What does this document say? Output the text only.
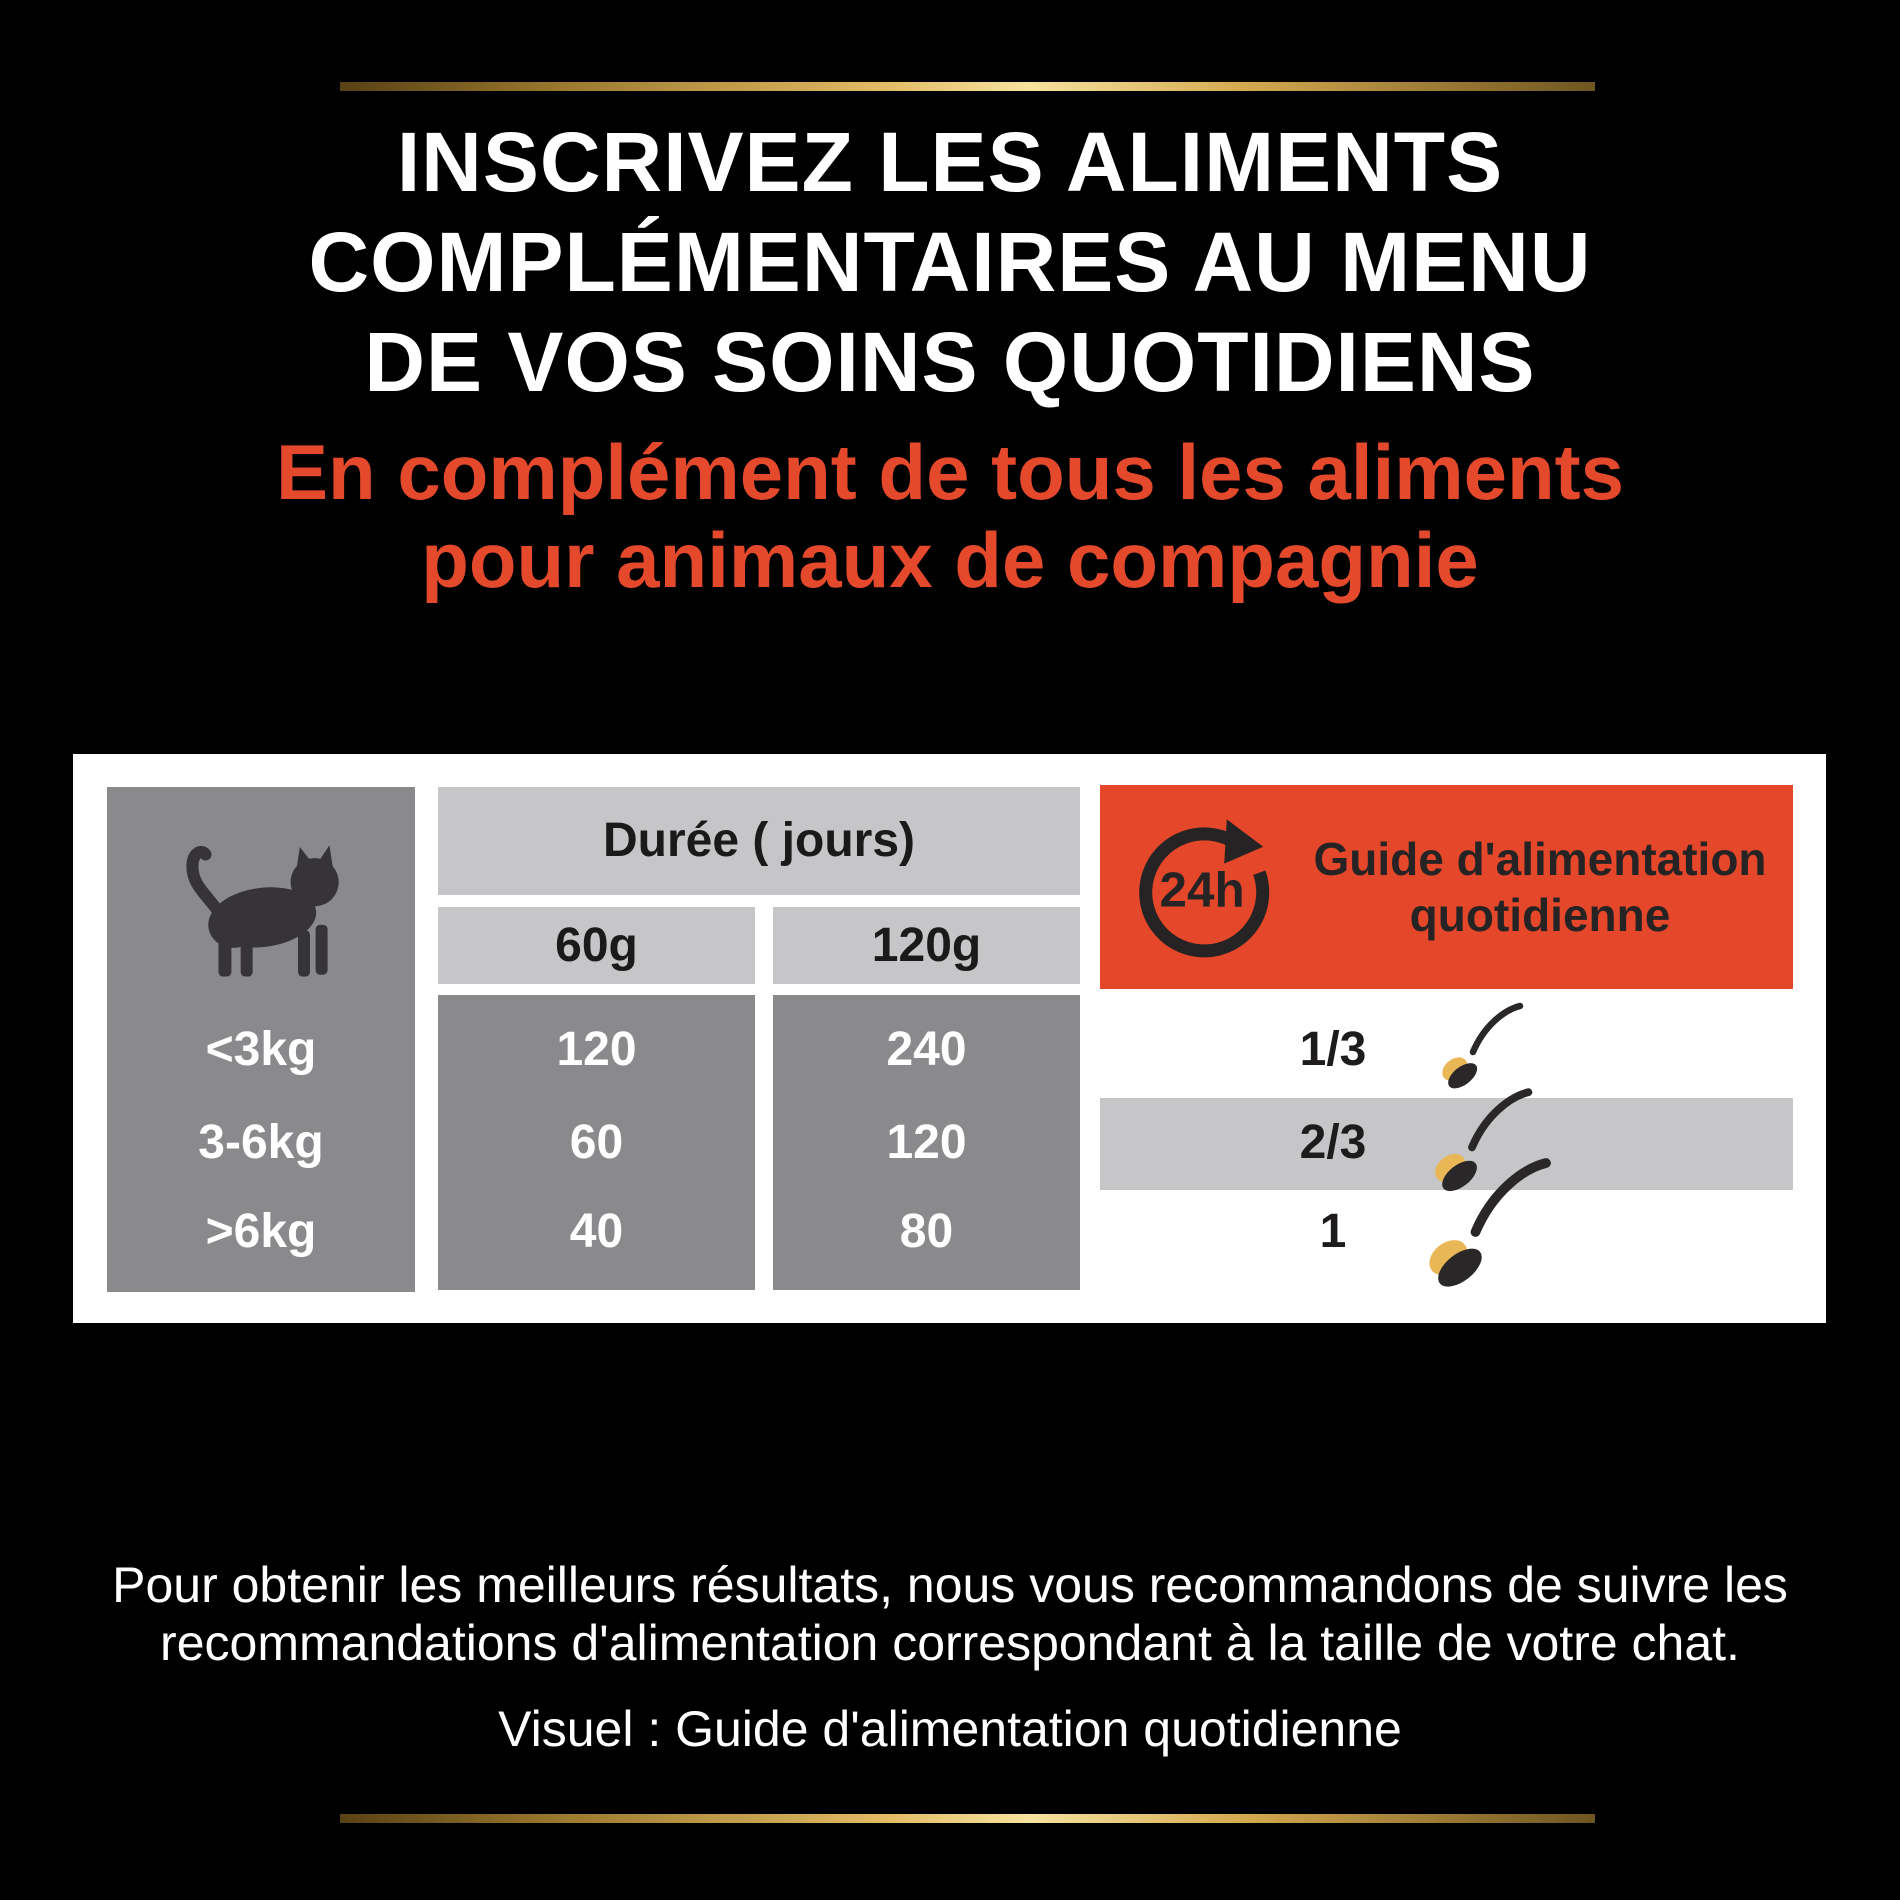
INSCRIVEZ LES ALIMENTS
COMPLÉMENTAIRES AU MENU
DE VOS SOINS QUOTIDIENS
En complément de tous les aliments
pour animaux de compagnie
Durée ( jours)
60g	120g
<3kg
3-6kg
>6kg
120
60
40
240
120
80
24h
Guide d'alimentation
quotidienne
1/3
2/3
1
Pour obtenir les meilleurs résultats, nous vous recommandons de suivre les
recommandations d'alimentation correspondant à la taille de votre chat.
Visuel : Guide d'alimentation quotidienne
